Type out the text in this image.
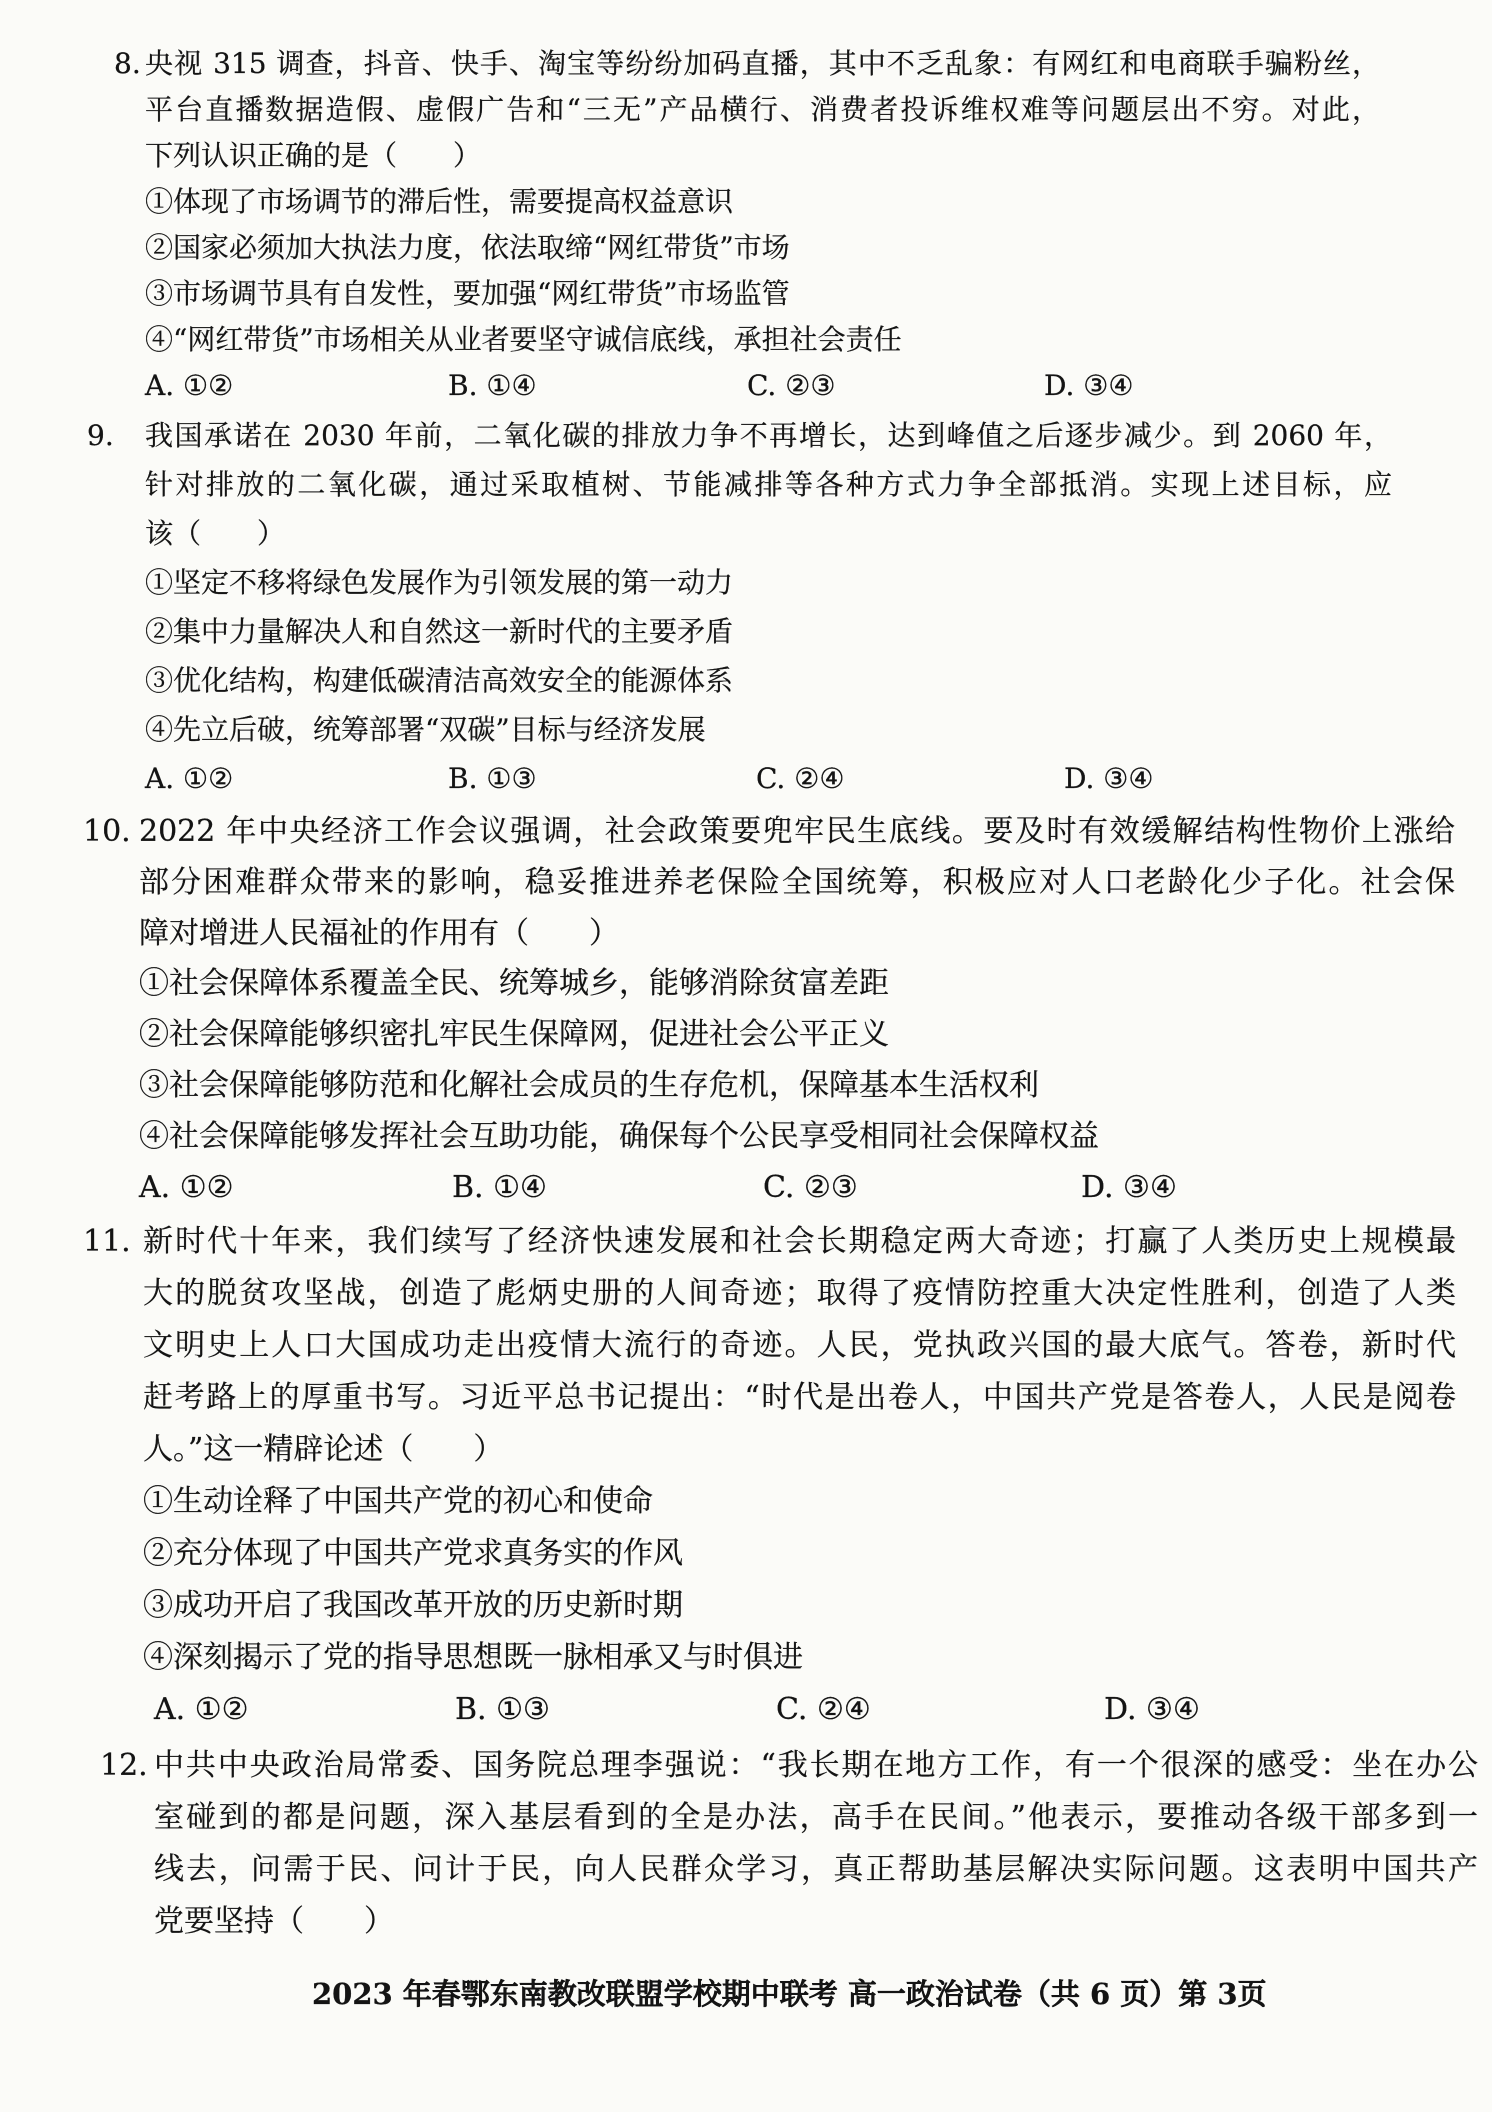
8. 央视 315 调查，抖音、快手、淘宝等纷纷加码直播，其中不乏乱象：有网红和电商联手骗粉丝，
平台直播数据造假、虚假广告和“三无”产品横行、消费者投诉维权难等问题层出不穷。对此，
下列认识正确的是（　　）
①体现了市场调节的滞后性，需要提高权益意识
②国家必须加大执法力度，依法取缔“网红带货”市场
③市场调节具有自发性，要加强“网红带货”市场监管
④“网红带货”市场相关从业者要坚守诚信底线，承担社会责任
A. ①②	B. ①④	C. ②③	D. ③④
9.	我国承诺在 2030 年前，二氧化碳的排放力争不再增长，达到峰值之后逐步减少。到 2060 年，
针对排放的二氧化碳，通过采取植树、节能减排等各种方式力争全部抵消。实现上述目标，应
该（　　）
①坚定不移将绿色发展作为引领发展的第一动力
②集中力量解决人和自然这一新时代的主要矛盾
③优化结构，构建低碳清洁高效安全的能源体系
④先立后破，统筹部署“双碳”目标与经济发展
A. ①②	B. ①③	C. ②④	D. ③④
10. 2022 年中央经济工作会议强调，社会政策要兜牢民生底线。要及时有效缓解结构性物价上涨给
部分困难群众带来的影响，稳妥推进养老保险全国统筹，积极应对人口老龄化少子化。社会保
障对增进人民福祉的作用有（　　）
①社会保障体系覆盖全民、统筹城乡，能够消除贫富差距
②社会保障能够织密扎牢民生保障网，促进社会公平正义
③社会保障能够防范和化解社会成员的生存危机，保障基本生活权利
④社会保障能够发挥社会互助功能，确保每个公民享受相同社会保障权益
A. ①②	B. ①④	C. ②③	D. ③④
11. 新时代十年来，我们续写了经济快速发展和社会长期稳定两大奇迹；打赢了人类历史上规模最
大的脱贫攻坚战，创造了彪炳史册的人间奇迹；取得了疫情防控重大决定性胜利，创造了人类
文明史上人口大国成功走出疫情大流行的奇迹。人民，党执政兴国的最大底气。答卷，新时代
赶考路上的厚重书写。习近平总书记提出：“时代是出卷人，中国共产党是答卷人，人民是阅卷
人。”这一精辟论述（　　）
①生动诠释了中国共产党的初心和使命
②充分体现了中国共产党求真务实的作风
③成功开启了我国改革开放的历史新时期
④深刻揭示了党的指导思想既一脉相承又与时俱进
A. ①②	B. ①③	C. ②④	D. ③④
12. 中共中央政治局常委、国务院总理李强说：“我长期在地方工作，有一个很深的感受：坐在办公
室碰到的都是问题，深入基层看到的全是办法，高手在民间。”他表示，要推动各级干部多到一
线去，问需于民、问计于民，向人民群众学习，真正帮助基层解决实际问题。这表明中国共产
党要坚持（　　）
2023 年春鄂东南教改联盟学校期中联考 高一政治试卷（共 6 页）第 3页
